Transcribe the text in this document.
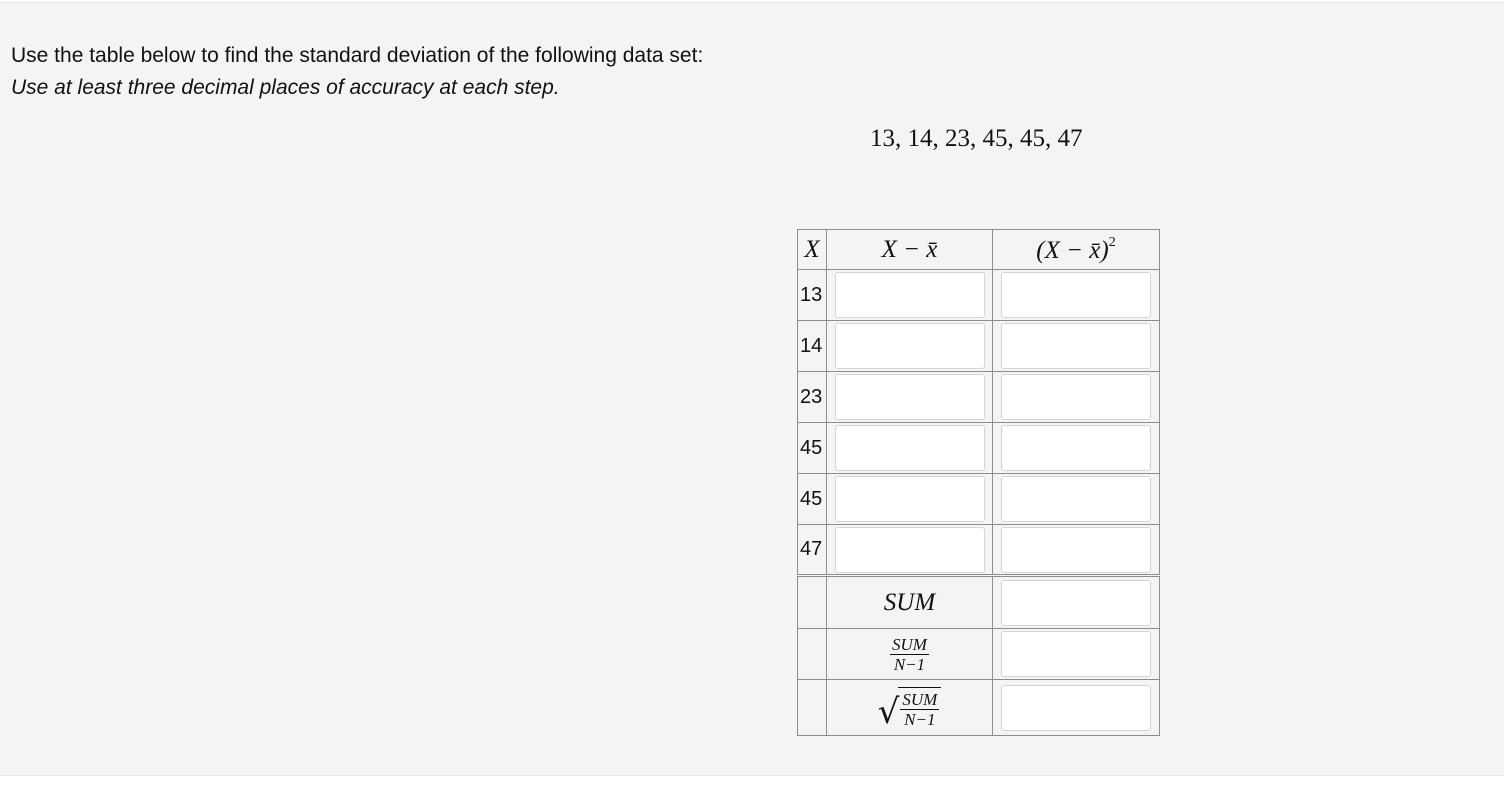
Use the table below to find the standard deviation of the following data set:
Use at least three decimal places of accuracy at each step.
13, 14, 23, 45, 45, 47
X	X − x̄	(X − x̄)$^2$
13	

14	

23	

45	

45	

47	

	SUM	

	$\frac{\text{SUM}}{N-1}$

	√ $\frac{\text{SUM}}{N-1}$
